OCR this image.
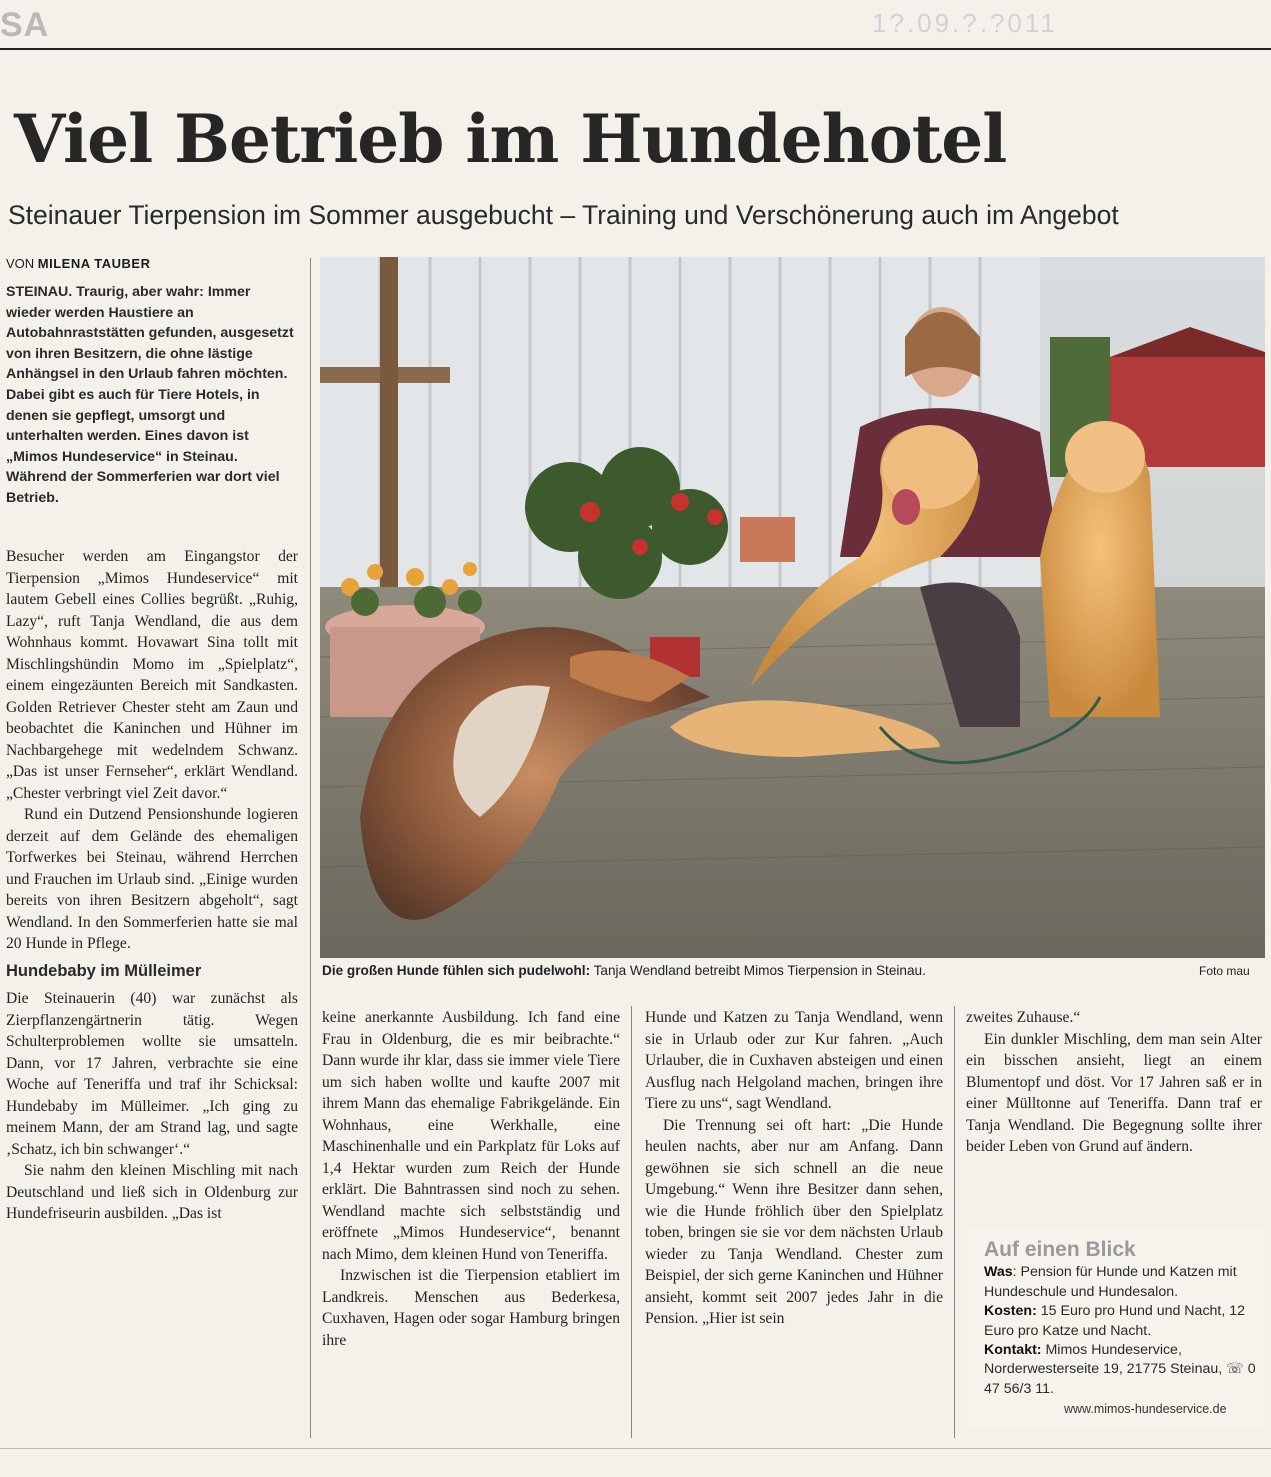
SA	1?.09.?.?011
Viel Betrieb im Hundehotel
Steinauer Tierpension im Sommer ausgebucht – Training und Verschönerung auch im Angebot
VON MILENA TAUBER

STEINAU. Traurig, aber wahr: Immer wieder werden Haustiere an Autobahnraststätten gefunden, ausgesetzt von ihren Besitzern, die ohne lästige Anhängsel in den Urlaub fahren möchten. Dabei gibt es auch für Tiere Hotels, in denen sie gepflegt, umsorgt und unterhalten werden. Eines davon ist „Mimos Hundeservice“ in Steinau. Während der Sommerferien war dort viel Betrieb.

Besucher werden am Eingangstor der Tierpension „Mimos Hundeservice“ mit lautem Gebell eines Collies begrüßt. „Ruhig, Lazy“, ruft Tanja Wendland, die aus dem Wohnhaus kommt. Hovawart Sina tollt mit Mischlingshündin Momo im „Spielplatz“, einem eingezäunten Bereich mit Sandkasten. Golden Retriever Chester steht am Zaun und beobachtet die Kaninchen und Hühner im Nachbargehege mit wedelndem Schwanz. „Das ist unser Fernseher“, erklärt Wendland. „Chester verbringt viel Zeit davor.“

Rund ein Dutzend Pensionshunde logieren derzeit auf dem Gelände des ehemaligen Torfwerkes bei Steinau, während Herrchen und Frauchen im Urlaub sind. „Einige wurden bereits von ihren Besitzern abgeholt“, sagt Wendland. In den Sommerferien hatte sie mal 20 Hunde in Pflege.

Hundebaby im Mülleimer

Die Steinauerin (40) war zunächst als Zierpflanzengärtnerin tätig. Wegen Schulterproblemen wollte sie umsatteln. Dann, vor 17 Jahren, verbrachte sie eine Woche auf Teneriffa und traf ihr Schicksal: Hundebaby im Mülleimer. „Ich ging zu meinem Mann, der am Strand lag, und sagte ‚Schatz, ich bin schwanger‘.“

Sie nahm den kleinen Mischling mit nach Deutschland und ließ sich in Oldenburg zur Hundefriseurin ausbilden. „Das ist

Die großen Hunde fühlen sich pudelwohl: Tanja Wendland betreibt Mimos Tierpension in Steinau.	Foto mau

keine anerkannte Ausbildung. Ich fand eine Frau in Oldenburg, die es mir beibrachte.“ Dann wurde ihr klar, dass sie immer viele Tiere um sich haben wollte und kaufte 2007 mit ihrem Mann das ehemalige Fabrikgelände. Ein Wohnhaus, eine Werkhalle, eine Maschinenhalle und ein Parkplatz für Loks auf 1,4 Hektar wurden zum Reich der Hunde erklärt. Die Bahntrassen sind noch zu sehen. Wendland machte sich selbstständig und eröffnete „Mimos Hundeservice“, benannt nach Mimo, dem kleinen Hund von Teneriffa.

Inzwischen ist die Tierpension etabliert im Landkreis. Menschen aus Bederkesa, Cuxhaven, Hagen oder sogar Hamburg bringen ihre

Hunde und Katzen zu Tanja Wendland, wenn sie in Urlaub oder zur Kur fahren. „Auch Urlauber, die in Cuxhaven absteigen und einen Ausflug nach Helgoland machen, bringen ihre Tiere zu uns“, sagt Wendland.

Die Trennung sei oft hart: „Die Hunde heulen nachts, aber nur am Anfang. Dann gewöhnen sie sich schnell an die neue Umgebung.“ Wenn ihre Besitzer dann sehen, wie die Hunde fröhlich über den Spielplatz toben, bringen sie sie vor dem nächsten Urlaub wieder zu Tanja Wendland. Chester zum Beispiel, der sich gerne Kaninchen und Hühner ansieht, kommt seit 2007 jedes Jahr in die Pension. „Hier ist sein

zweites Zuhause.“

Ein dunkler Mischling, dem man sein Alter ein bisschen ansieht, liegt an einem Blumentopf und döst. Vor 17 Jahren saß er in einer Mülltonne auf Teneriffa. Dann traf er Tanja Wendland. Die Begegnung sollte ihrer beider Leben von Grund auf ändern.

Auf einen Blick
Was: Pension für Hunde und Katzen mit Hundeschule und Hundesalon.
Kosten: 15 Euro pro Hund und Nacht, 12 Euro pro Katze und Nacht.
Kontakt: Mimos Hundeservice, Norderwesterseite 19, 21775 Steinau, ☏ 0 47 56/3 11.
www.mimos-hundeservice.de
